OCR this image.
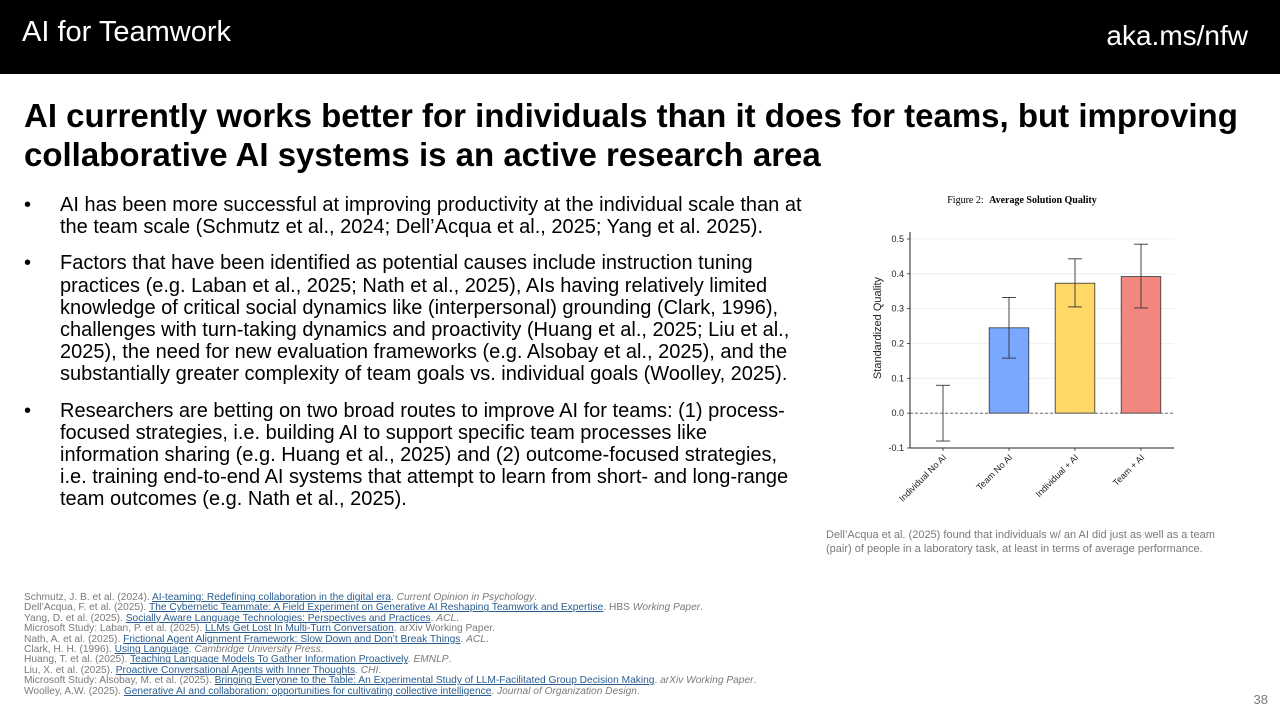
AI for Teamwork	aka.ms/nfw
AI currently works better for individuals than it does for teams, but improving collaborative AI systems is an active research area
• AI has been more successful at improving productivity at the individual scale than at the team scale (Schmutz et al., 2024; Dell’Acqua et al., 2025; Yang et al. 2025).
• Factors that have been identified as potential causes include instruction tuning practices (e.g. Laban et al., 2025; Nath et al., 2025), AIs having relatively limited knowledge of critical social dynamics like (interpersonal) grounding (Clark, 1996), challenges with turn-taking dynamics and proactivity (Huang et al., 2025; Liu et al., 2025), the need for new evaluation frameworks (e.g. Alsobay et al., 2025), and the substantially greater complexity of team goals vs. individual goals (Woolley, 2025).
• Researchers are betting on two broad routes to improve AI for teams: (1) process-focused strategies, i.e. building AI to support specific team processes like information sharing (e.g. Huang et al., 2025) and (2) outcome-focused strategies, i.e. training end-to-end AI systems that attempt to learn from short- and long-range team outcomes (e.g. Nath et al., 2025).
Figure 2: Average Solution Quality
Standardized Quality
-0.1
0.0
0.1
0.2
0.3
0.4
0.5
Individual No AI	Team No AI Individual + AI	Team + AI
Dell’Acqua et al. (2025) found that individuals w/ an AI did just as well as a team (pair) of people in a laboratory task, at least in terms of average performance.
Schmutz, J. B. et al. (2024). AI-teaming: Redefining collaboration in the digital era. Current Opinion in Psychology.
Dell’Acqua, F. et al. (2025). The Cybernetic Teammate: A Field Experiment on Generative AI Reshaping Teamwork and Expertise. HBS Working Paper.
Yang, D. et al. (2025). Socially Aware Language Technologies: Perspectives and Practices. ACL.
Microsoft Study: Laban, P. et al. (2025). LLMs Get Lost In Multi-Turn Conversation. arXiv Working Paper.
Nath, A. et al. (2025). Frictional Agent Alignment Framework: Slow Down and Don’t Break Things. ACL.
Clark, H. H. (1996). Using Language. Cambridge University Press.
Huang, T. et al. (2025). Teaching Language Models To Gather Information Proactively. EMNLP.
Liu, X. et al. (2025). Proactive Conversational Agents with Inner Thoughts. CHI.
Microsoft Study: Alsobay, M. et al. (2025). Bringing Everyone to the Table: An Experimental Study of LLM-Facilitated Group Decision Making. arXiv Working Paper.
Woolley, A.W. (2025). Generative AI and collaboration: opportunities for cultivating collective intelligence. Journal of Organization Design.
38
